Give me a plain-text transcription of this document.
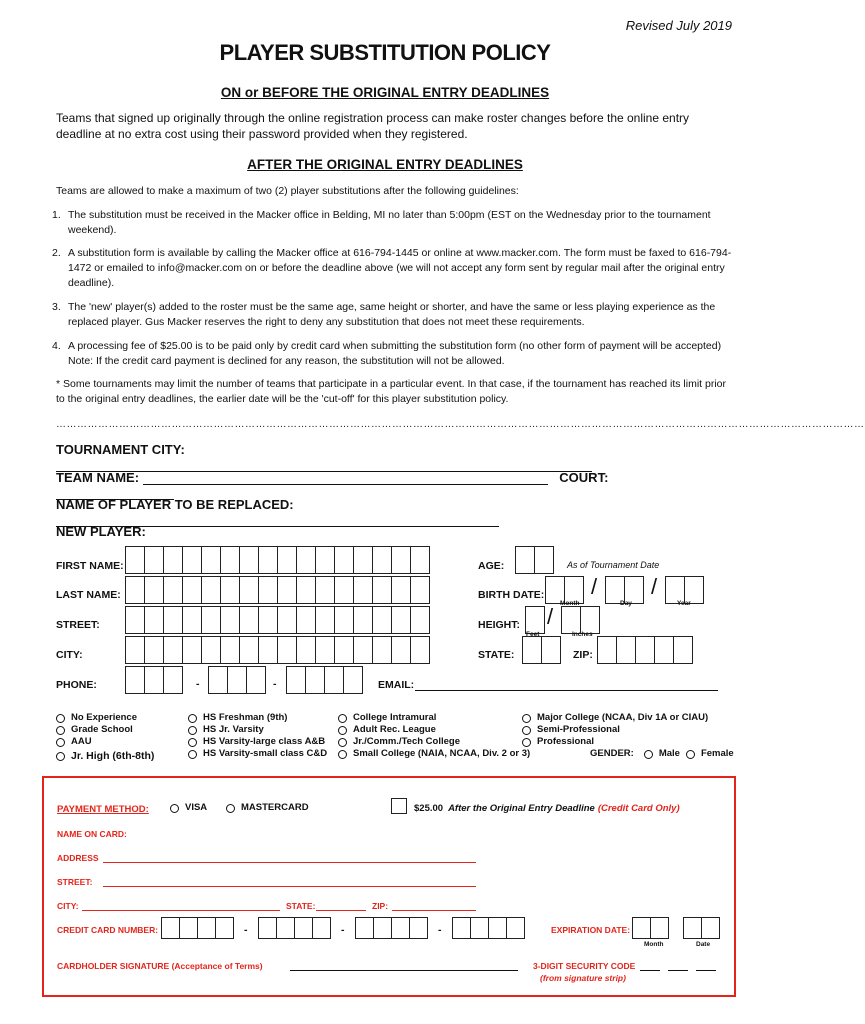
Revised July 2019
PLAYER SUBSTITUTION POLICY
ON or BEFORE THE ORIGINAL ENTRY DEADLINES
Teams that signed up originally through the online registration process can make roster changes before the online entry deadline at no extra cost using their password provided when they registered.
AFTER THE ORIGINAL ENTRY DEADLINES
Teams are allowed to make a maximum of two (2) player substitutions after the following guidelines:
1. The substitution must be received in the Macker office in Belding, MI no later than 5:00pm (EST on the Wednesday prior to the tournament weekend).
2. A substitution form is available by calling the Macker office at 616-794-1445 or online at www.macker.com. The form must be faxed to 616-794-1472 or emailed to info@macker.com on or before the deadline above (we will not accept any form sent by regular mail after the original entry deadline).
3. The 'new' player(s) added to the roster must be the same age, same height or shorter, and have the same or less playing experience as the replaced player. Gus Macker reserves the right to deny any substitution that does not meet these requirements.
4. A processing fee of $25.00 is to be paid only by credit card when submitting the substitution form (no other form of payment will be accepted) Note: If the credit card payment is declined for any reason, the substitution will not be allowed.
* Some tournaments may limit the number of teams that participate in a particular event. In that case, if the tournament has reached its limit prior to the original entry deadlines, the earlier date will be the 'cut-off' for this player substitution policy.
……………………………………………………………………………………………………………………………………………………………………………………………………………
TOURNAMENT CITY:
TEAM NAME:	COURT:
NAME OF PLAYER TO BE REPLACED:
NEW PLAYER:
FIRST NAME:
LAST NAME:
STREET:
CITY:
PHONE:	-	-
AGE:	As of Tournament Date
BIRTH DATE: / /
Month	Day	Year
HEIGHT: /
Feet	Inches
STATE:	ZIP:
EMAIL:
No Experience
Grade School
AAU
Jr. High (6th-8th)
HS Freshman (9th)
HS Jr. Varsity
HS Varsity-large class A&B
HS Varsity-small class C&D
College Intramural
Adult Rec. League
Jr./Comm./Tech College
Small College (NAIA, NCAA, Div. 2 or 3)
Major College (NCAA, Div 1A or CIAU)
Semi-Professional
Professional
GENDER:	Male Female
PAYMENT METHOD:	VISA	MASTERCARD	$25.00 After the Original Entry Deadline (Credit Card Only)
NAME ON CARD:
ADDRESS
STREET:
CITY:	STATE:	ZIP:
CREDIT CARD NUMBER:	-	-	-	EXPIRATION DATE:
Month	Date
CARDHOLDER SIGNATURE (Acceptance of Terms)	3-DIGIT SECURITY CODE
(from signature strip)
